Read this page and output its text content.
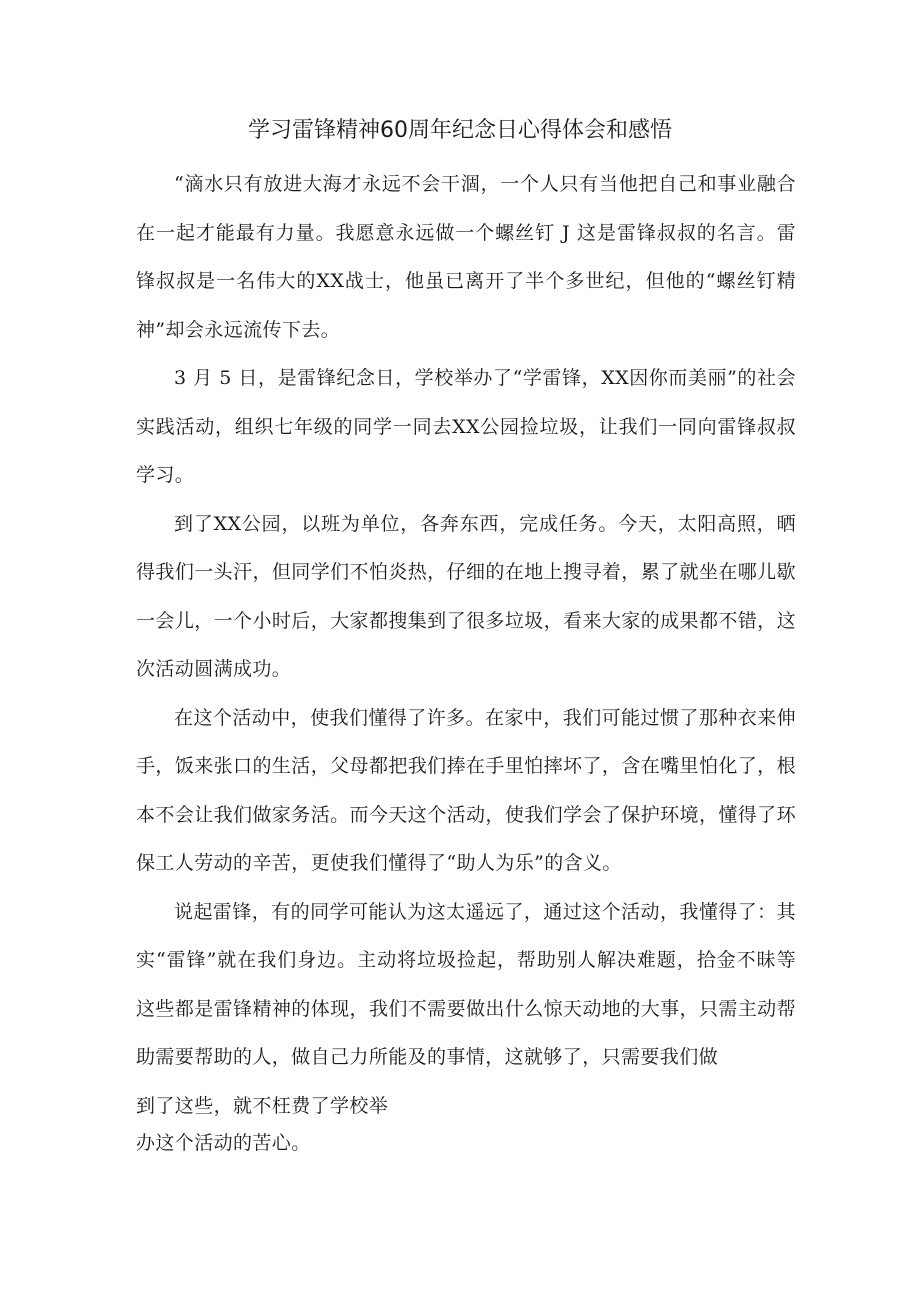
学习雷锋精神60周年纪念日心得体会和感悟

“滴水只有放进大海才永远不会干涸，一个人只有当他把自己和事业融合在一起才能最有力量。我愿意永远做一个螺丝钉 J 这是雷锋叔叔的名言。雷锋叔叔是一名伟大的XX战士，他虽已离开了半个多世纪，但他的“螺丝钉精神”却会永远流传下去。

3 月 5 日，是雷锋纪念日，学校举办了“学雷锋，XX因你而美丽”的社会实践活动，组织七年级的同学一同去XX公园捡垃圾，让我们一同向雷锋叔叔学习。

到了XX公园，以班为单位，各奔东西，完成任务。今天，太阳高照，晒得我们一头汗，但同学们不怕炎热，仔细的在地上搜寻着，累了就坐在哪儿歇一会儿，一个小时后，大家都搜集到了很多垃圾，看来大家的成果都不错，这次活动圆满成功。

在这个活动中，使我们懂得了许多。在家中，我们可能过惯了那种衣来伸手，饭来张口的生活，父母都把我们捧在手里怕摔坏了，含在嘴里怕化了，根本不会让我们做家务活。而今天这个活动，使我们学会了保护环境，懂得了环保工人劳动的辛苦，更使我们懂得了“助人为乐”的含义。

说起雷锋，有的同学可能认为这太遥远了，通过这个活动，我懂得了：其实“雷锋”就在我们身边。主动将垃圾捡起，帮助别人解决难题，拾金不昧等这些都是雷锋精神的体现，我们不需要做出什么惊天动地的大事，只需主动帮助需要帮助的人，做自己力所能及的事情，这就够了，只需要我们做

到了这些，就不枉费了学校举

办这个活动的苦心。
